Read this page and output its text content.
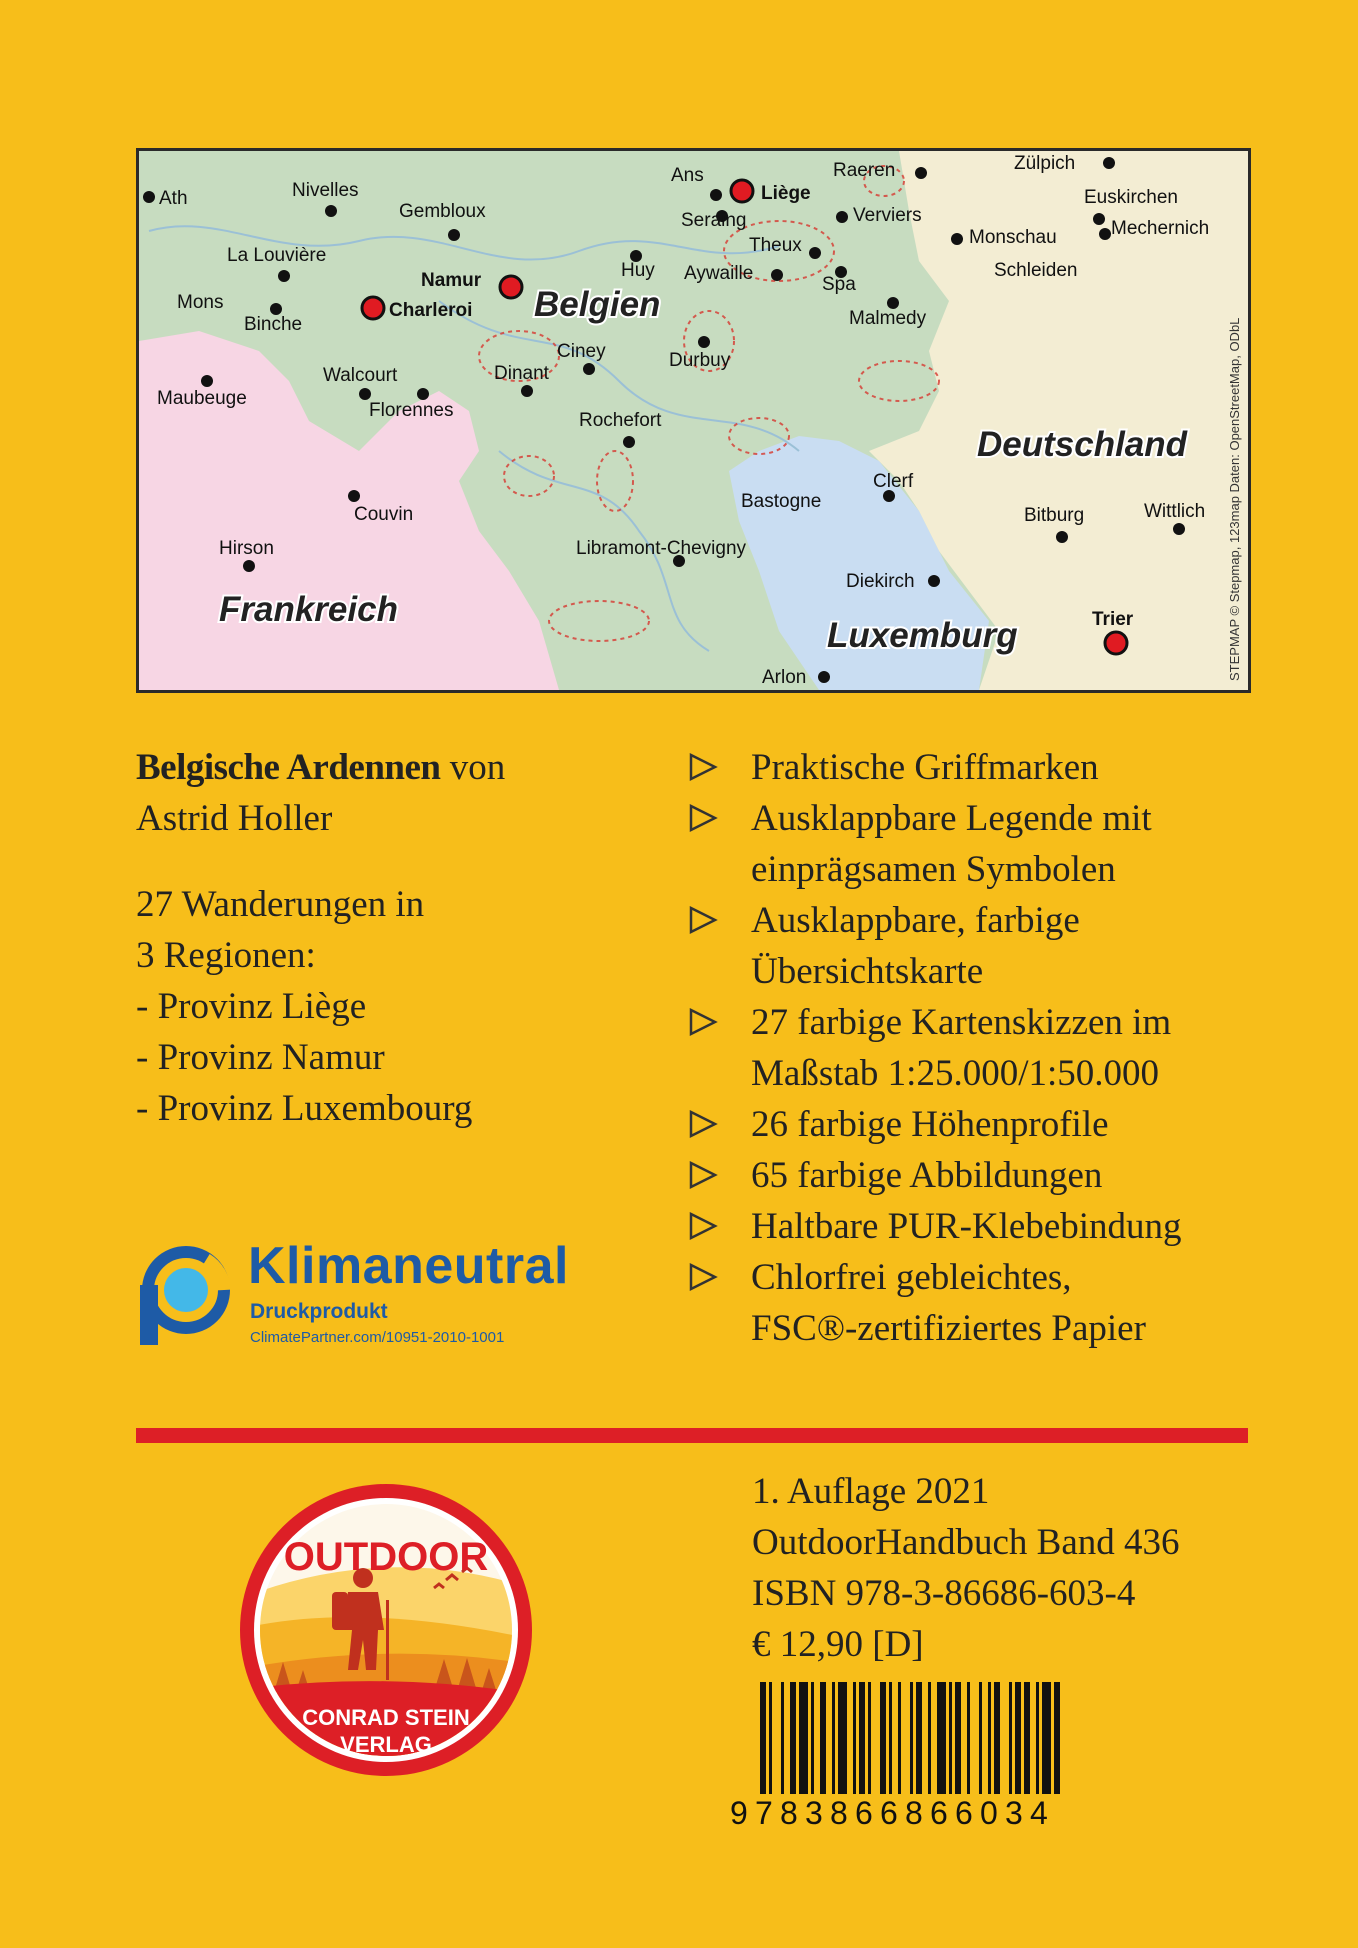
Ath	Nivelles
Gembloux
La Louvière
Mons
Binche
Maubeuge
Walcourt
Florennes
Couvin
Hirson
Dinant
Ciney
Huy
Ans
Seraing
Aywaille
Theux
Spa
Raeren
Verviers
Malmedy
Durbuy
Rochefort
Bastogne
Libramont-Chevigny
Arlon
Clerf
Diekirch
Zülpich
Euskirchen
Mechernich
Monschau
Schleiden
Bitburg	Wittlich
Liège
Namur
Charleroi
Trier
Belgien
Deutschland
Frankreich
Luxemburg	STEPMAP © Stepmap, 123map Daten: OpenStreetMap, ODbL

Belgische Ardennen von

Astrid Holler

27 Wanderungen in

3 Regionen:

- Provinz Liège

- Provinz Namur

- Provinz Luxembourg

Praktische Griffmarken
Ausklappbare Legende mit
einprägsamen Symbolen
Ausklappbare, farbige
Übersichtskarte
27 farbige Kartenskizzen im
Maßstab 1:25.000/1:50.000
26 farbige Höhenprofile
65 farbige Abbildungen
Haltbare PUR-Klebebindung
Chlorfrei gebleichtes,
FSC®-zertifiziertes Papier
Klimaneutral
Druckprodukt
ClimatePartner.com/10951-2010-1001
OUTDOOR
CONRAD STEIN
VERLAG

1. Auflage 2021

OutdoorHandbuch Band 436

ISBN 978-3-86686-603-4

€ 12,90 [D]

9783866866034
